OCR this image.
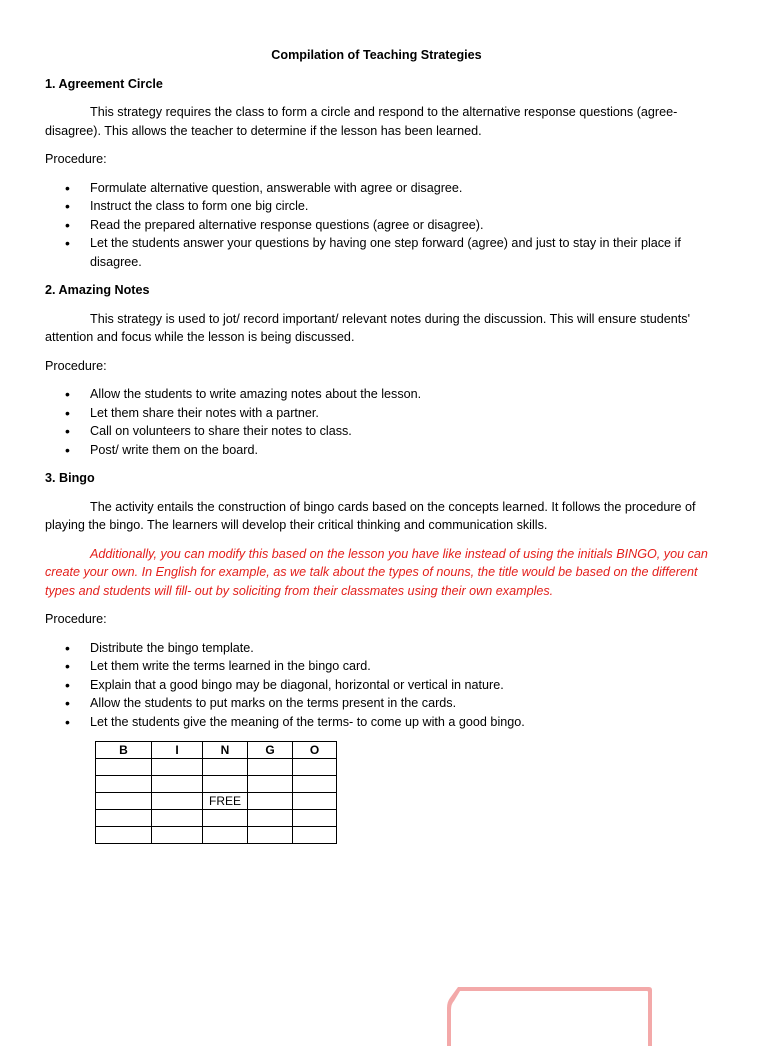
Compilation of Teaching Strategies
1. Agreement Circle
This strategy requires the class to form a circle and respond to the alternative response questions (agree-disagree). This allows the teacher to determine if the lesson has been learned.
Procedure:
• Formulate alternative question, answerable with agree or disagree.
• Instruct the class to form one big circle.
• Read the prepared alternative response questions (agree or disagree).
• Let the students answer your questions by having one step forward (agree) and just to stay in their place if disagree.
2. Amazing Notes
This strategy is used to jot/ record important/ relevant notes during the discussion. This will ensure students' attention and focus while the lesson is being discussed.
Procedure:
• Allow the students to write amazing notes about the lesson.
• Let them share their notes with a partner.
• Call on volunteers to share their notes to class.
• Post/ write them on the board.
3. Bingo
The activity entails the construction of bingo cards based on the concepts learned. It follows the procedure of playing the bingo. The learners will develop their critical thinking and communication skills.
Additionally, you can modify this based on the lesson you have like instead of using the initials BINGO, you can create your own. In English for example, as we talk about the types of nouns, the title would be based on the different types and students will fill- out by soliciting from their classmates using their own examples.
Procedure:
• Distribute the bingo template.
• Let them write the terms learned in the bingo card.
• Explain that a good bingo may be diagonal, horizontal or vertical in nature.
• Allow the students to put marks on the terms present in the cards.
• Let the students give the meaning of the terms- to come up with a good bingo.
B	I	N	G	O

		FREE		
